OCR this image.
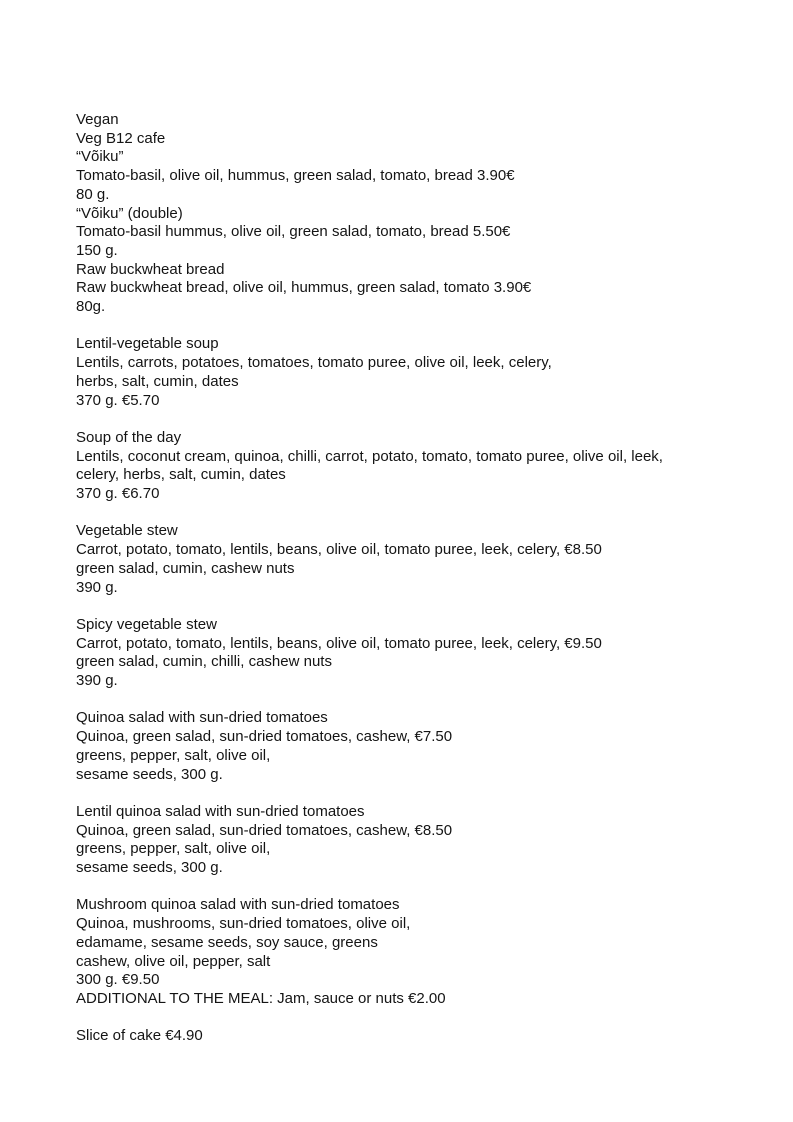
Vegan
Veg B12 cafe
“Võiku”
Tomato-basil, olive oil, hummus, green salad, tomato, bread 3.90€
80 g.
“Võiku” (double)
Tomato-basil hummus, olive oil, green salad, tomato, bread 5.50€
150 g.
Raw buckwheat bread
Raw buckwheat bread, olive oil, hummus, green salad, tomato 3.90€
80g.
Lentil-vegetable soup
Lentils, carrots, potatoes, tomatoes, tomato puree, olive oil, leek, celery,
herbs, salt, cumin, dates
370 g. €5.70
Soup of the day
Lentils, coconut cream, quinoa, chilli, carrot, potato, tomato, tomato puree, olive oil, leek,
celery, herbs, salt, cumin, dates
370 g. €6.70
Vegetable stew
Carrot, potato, tomato, lentils, beans, olive oil, tomato puree, leek, celery, €8.50
green salad, cumin, cashew nuts
390 g.
Spicy vegetable stew
Carrot, potato, tomato, lentils, beans, olive oil, tomato puree, leek, celery, €9.50
green salad, cumin, chilli, cashew nuts
390 g.
Quinoa salad with sun-dried tomatoes
Quinoa, green salad, sun-dried tomatoes, cashew, €7.50
greens, pepper, salt, olive oil,
sesame seeds, 300 g.
Lentil quinoa salad with sun-dried tomatoes
Quinoa, green salad, sun-dried tomatoes, cashew, €8.50
greens, pepper, salt, olive oil,
sesame seeds, 300 g.
Mushroom quinoa salad with sun-dried tomatoes
Quinoa, mushrooms, sun-dried tomatoes, olive oil,
edamame, sesame seeds, soy sauce, greens
cashew, olive oil, pepper, salt
300 g. €9.50
ADDITIONAL TO THE MEAL: Jam, sauce or nuts €2.00
Slice of cake €4.90
